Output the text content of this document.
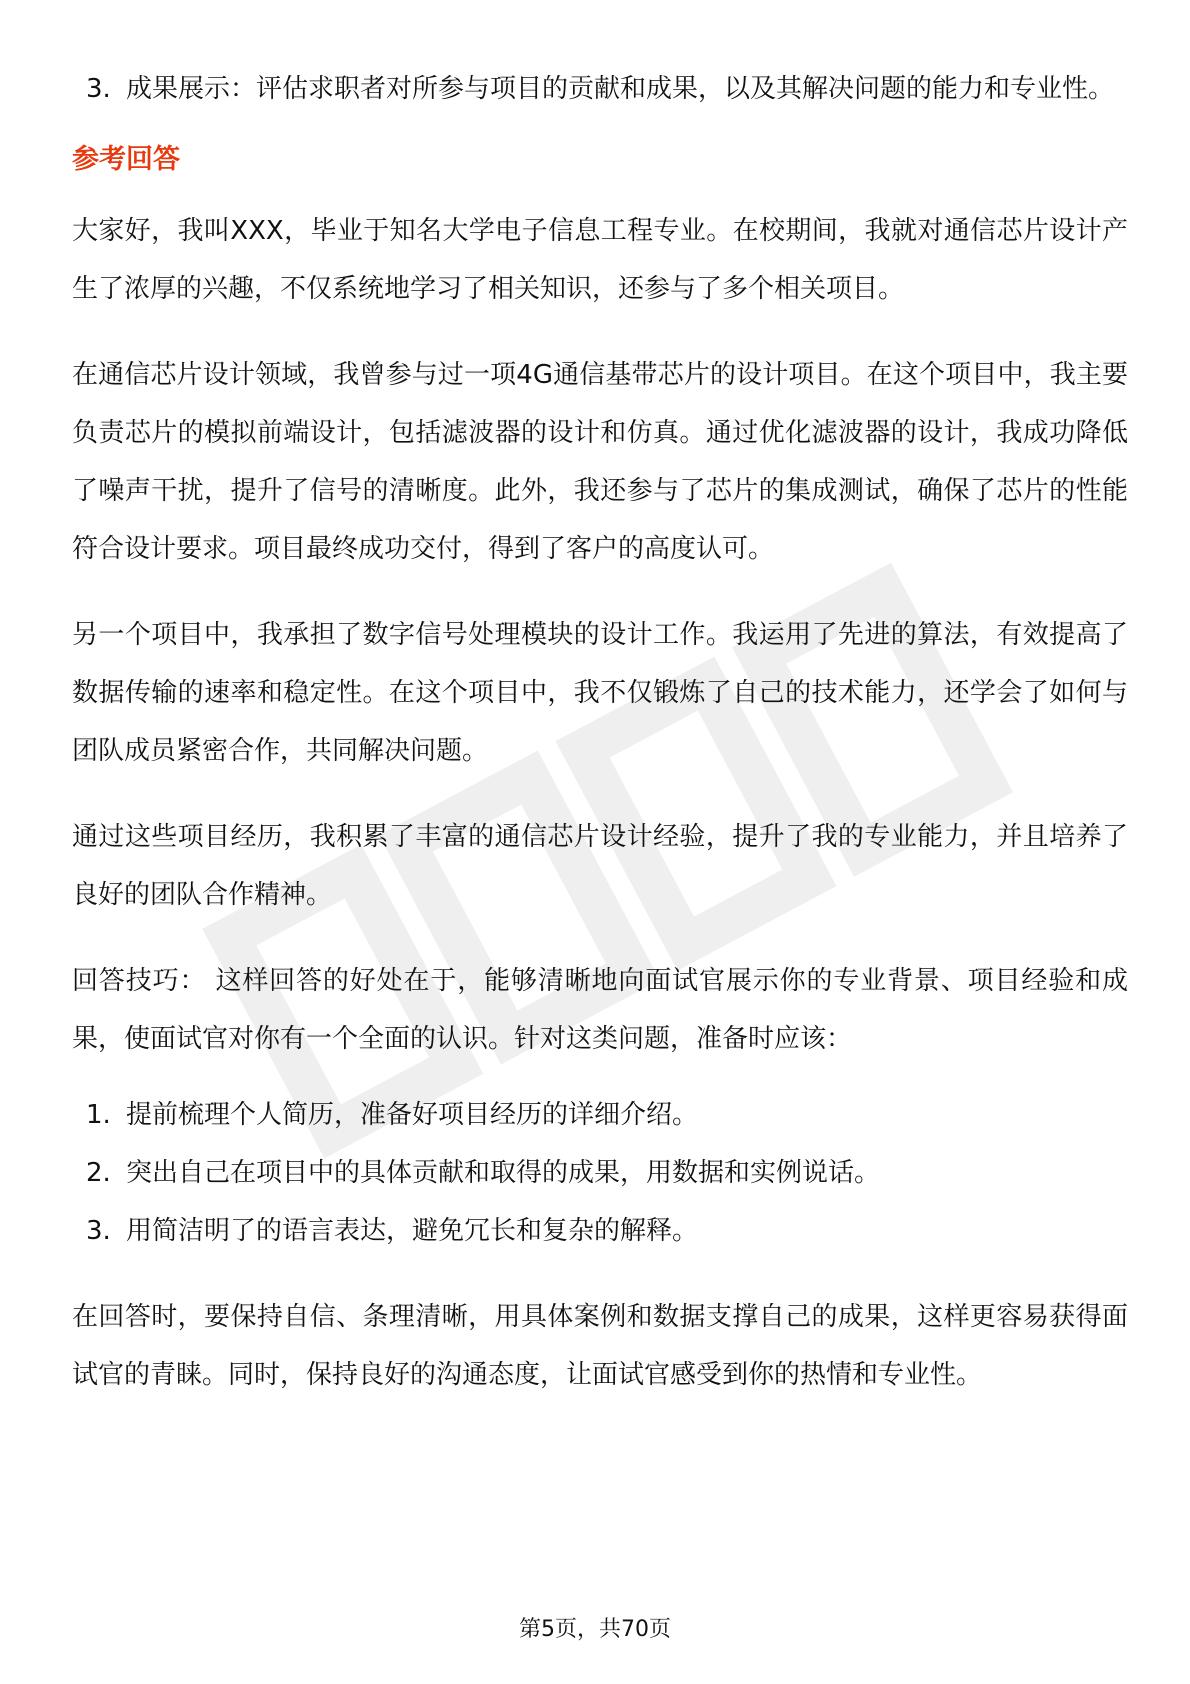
3. 成果展示：评估求职者对所参与项目的贡献和成果，以及其解决问题的能力和专业性。
参考回答

大家好，我叫XXX，毕业于知名大学电子信息工程专业。在校期间，我就对通信芯片设计产生了浓厚的兴趣，不仅系统地学习了相关知识，还参与了多个相关项目。

在通信芯片设计领域，我曾参与过一项4G通信基带芯片的设计项目。在这个项目中，我主要负责芯片的模拟前端设计，包括滤波器的设计和仿真。通过优化滤波器的设计，我成功降低了噪声干扰，提升了信号的清晰度。此外，我还参与了芯片的集成测试，确保了芯片的性能符合设计要求。项目最终成功交付，得到了客户的高度认可。

另一个项目中，我承担了数字信号处理模块的设计工作。我运用了先进的算法，有效提高了数据传输的速率和稳定性。在这个项目中，我不仅锻炼了自己的技术能力，还学会了如何与团队成员紧密合作，共同解决问题。

通过这些项目经历，我积累了丰富的通信芯片设计经验，提升了我的专业能力，并且培养了良好的团队合作精神。

回答技巧： 这样回答的好处在于，能够清晰地向面试官展示你的专业背景、项目经验和成果，使面试官对你有一个全面的认识。针对这类问题，准备时应该：

1. 提前梳理个人简历，准备好项目经历的详细介绍。
2. 突出自己在项目中的具体贡献和取得的成果，用数据和实例说话。
3. 用简洁明了的语言表达，避免冗长和复杂的解释。

在回答时，要保持自信、条理清晰，用具体案例和数据支撑自己的成果，这样更容易获得面试官的青睐。同时，保持良好的沟通态度，让面试官感受到你的热情和专业性。

第5页，共70页
